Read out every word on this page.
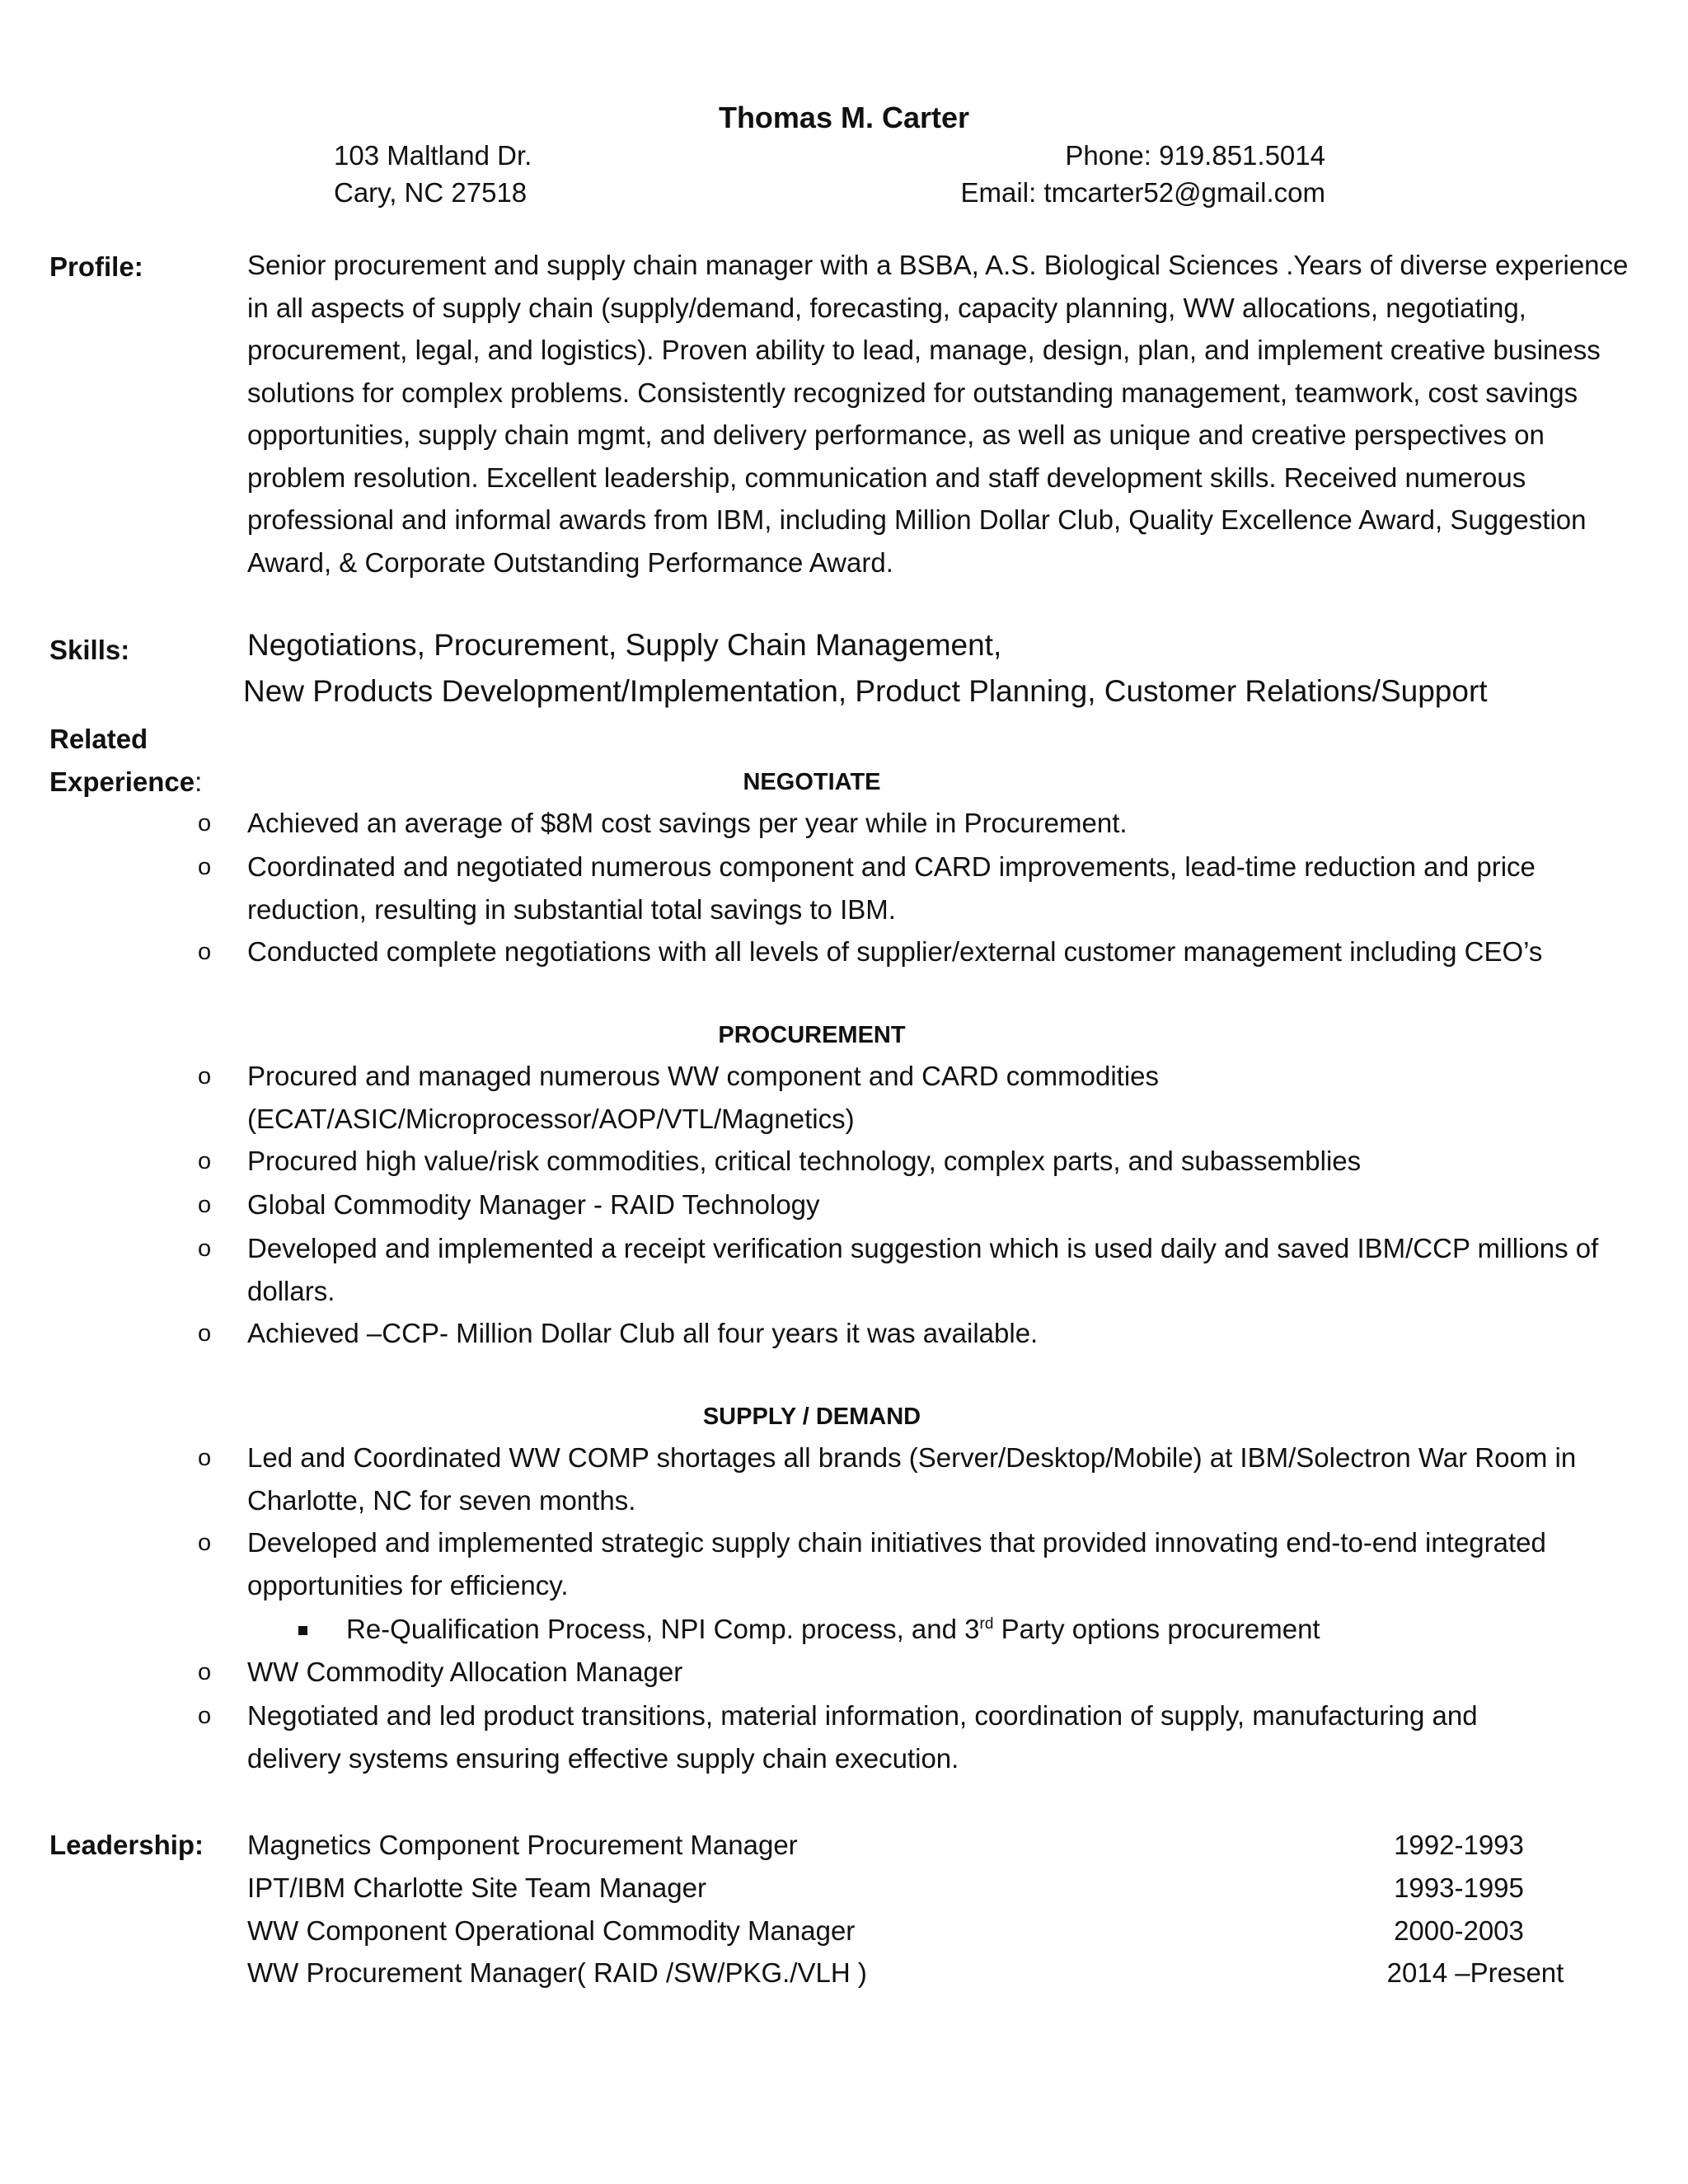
Thomas M. Carter
103 Maltland Dr.
Cary, NC 27518
Phone: 919.851.5014
Email: tmcarter52@gmail.com
Profile:	Senior procurement and supply chain manager with a BSBA, A.S. Biological Sciences .Years of diverse experience in all aspects of supply chain (supply/demand, forecasting, capacity planning, WW allocations, negotiating, procurement, legal, and logistics). Proven ability to lead, manage, design, plan, and implement creative business solutions for complex problems. Consistently recognized for outstanding management, teamwork, cost savings opportunities, supply chain mgmt, and delivery performance, as well as unique and creative perspectives on problem resolution. Excellent leadership, communication and staff development skills. Received numerous professional and informal awards from IBM, including Million Dollar Club, Quality Excellence Award, Suggestion Award, & Corporate Outstanding Performance Award.
Skills:	Negotiations, Procurement, Supply Chain Management,
New Products Development/Implementation, Product Planning, Customer Relations/Support
Related
Experience:	NEGOTIATE
o Achieved an average of $8M cost savings per year while in Procurement.
o Coordinated and negotiated numerous component and CARD improvements, lead-time reduction and price
reduction, resulting in substantial total savings to IBM.
o Conducted complete negotiations with all levels of supplier/external customer management including CEO’s
PROCUREMENT
o Procured and managed numerous WW component and CARD commodities
(ECAT/ASIC/Microprocessor/AOP/VTL/Magnetics)
o Procured high value/risk commodities, critical technology, complex parts, and subassemblies
o Global Commodity Manager - RAID Technology
o Developed and implemented a receipt verification suggestion which is used daily and saved IBM/CCP millions of
dollars.
o Achieved –CCP- Million Dollar Club all four years it was available.
SUPPLY / DEMAND
o Led and Coordinated WW COMP shortages all brands (Server/Desktop/Mobile) at IBM/Solectron War Room in
Charlotte, NC for seven months.
o Developed and implemented strategic supply chain initiatives that provided innovating end-to-end integrated
opportunities for efficiency.
Re-Qualification Process, NPI Comp. process, and 3rd Party options procurement
o WW Commodity Allocation Manager
o Negotiated and led product transitions, material information, coordination of supply, manufacturing and
delivery systems ensuring effective supply chain execution.
Leadership: Magnetics Component Procurement Manager	1992-1993
IPT/IBM Charlotte Site Team Manager	1993-1995
WW Component Operational Commodity Manager	2000-2003
WW Procurement Manager( RAID /SW/PKG./VLH )	2014 –Present
